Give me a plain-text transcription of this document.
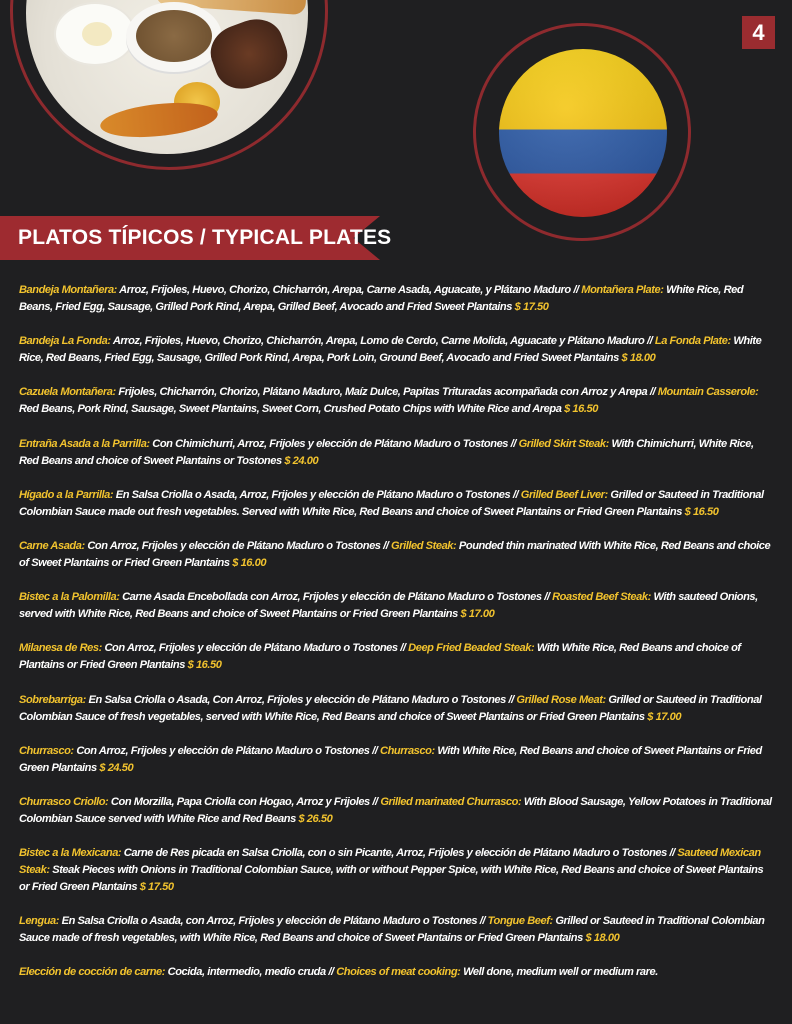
4
PLATOS TÍPICOS / TYPICAL PLATES

Bandeja Montañera: Arroz, Frijoles, Huevo, Chorizo, Chicharrón, Arepa, Carne Asada, Aguacate, y Plátano Maduro // Montañera Plate: White Rice, Red Beans, Fried Egg, Sausage, Grilled Pork Rind, Arepa, Grilled Beef, Avocado and Fried Sweet Plantains $ 17.50

Bandeja La Fonda: Arroz, Frijoles, Huevo, Chorizo, Chicharrón, Arepa, Lomo de Cerdo, Carne Molida, Aguacate y Plátano Maduro // La Fonda Plate: White Rice, Red Beans, Fried Egg, Sausage, Grilled Pork Rind, Arepa, Pork Loin, Ground Beef, Avocado and Fried Sweet Plantains $ 18.00

Cazuela Montañera: Frijoles, Chicharrón, Chorizo, Plátano Maduro, Maíz Dulce, Papitas Trituradas acompañada con Arroz y Arepa // Mountain Casserole: Red Beans, Pork Rind, Sausage, Sweet Plantains, Sweet Corn, Crushed Potato Chips with White Rice and Arepa $ 16.50

Entraña Asada a la Parrilla: Con Chimichurri, Arroz, Frijoles y elección de Plátano Maduro o Tostones // Grilled Skirt Steak: With Chimichurri, White Rice, Red Beans and choice of Sweet Plantains or Tostones $ 24.00

Hígado a la Parrilla: En Salsa Criolla o Asada, Arroz, Frijoles y elección de Plátano Maduro o Tostones // Grilled Beef Liver: Grilled or Sauteed in Traditional Colombian Sauce made out fresh vegetables. Served with White Rice, Red Beans and choice of Sweet Plantains or Fried Green Plantains $ 16.50

Carne Asada: Con Arroz, Frijoles y elección de Plátano Maduro o Tostones // Grilled Steak: Pounded thin marinated With White Rice, Red Beans and choice of Sweet Plantains or Fried Green Plantains $ 16.00

Bistec a la Palomilla: Carne Asada Encebollada con Arroz, Frijoles y elección de Plátano Maduro o Tostones // Roasted Beef Steak: With sauteed Onions, served with White Rice, Red Beans and choice of Sweet Plantains or Fried Green Plantains $ 17.00

Milanesa de Res: Con Arroz, Frijoles y elección de Plátano Maduro o Tostones // Deep Fried Beaded Steak: With White Rice, Red Beans and choice of Plantains or Fried Green Plantains $ 16.50

Sobrebarriga: En Salsa Criolla o Asada, Con Arroz, Frijoles y elección de Plátano Maduro o Tostones // Grilled Rose Meat: Grilled or Sauteed in Traditional Colombian Sauce of fresh vegetables, served with White Rice, Red Beans and choice of Sweet Plantains or Fried Green Plantains $ 17.00

Churrasco: Con Arroz, Frijoles y elección de Plátano Maduro o Tostones // Churrasco: With White Rice, Red Beans and choice of Sweet Plantains or Fried Green Plantains $ 24.50

Churrasco Criollo: Con Morzilla, Papa Criolla con Hogao, Arroz y Frijoles // Grilled marinated Churrasco: With Blood Sausage, Yellow Potatoes in Traditional Colombian Sauce served with White Rice and Red Beans $ 26.50

Bistec a la Mexicana: Carne de Res picada en Salsa Criolla, con o sin Picante, Arroz, Frijoles y elección de Plátano Maduro o Tostones // Sauteed Mexican Steak: Steak Pieces with Onions in Traditional Colombian Sauce, with or without Pepper Spice, with White Rice, Red Beans and choice of Sweet Plantains or Fried Green Plantains $ 17.50

Lengua: En Salsa Criolla o Asada, con Arroz, Frijoles y elección de Plátano Maduro o Tostones // Tongue Beef: Grilled or Sauteed in Traditional Colombian Sauce made of fresh vegetables, with White Rice, Red Beans and choice of Sweet Plantains or Fried Green Plantains $ 18.00

Elección de cocción de carne: Cocida, intermedio, medio cruda // Choices of meat cooking: Well done, medium well or medium rare.
